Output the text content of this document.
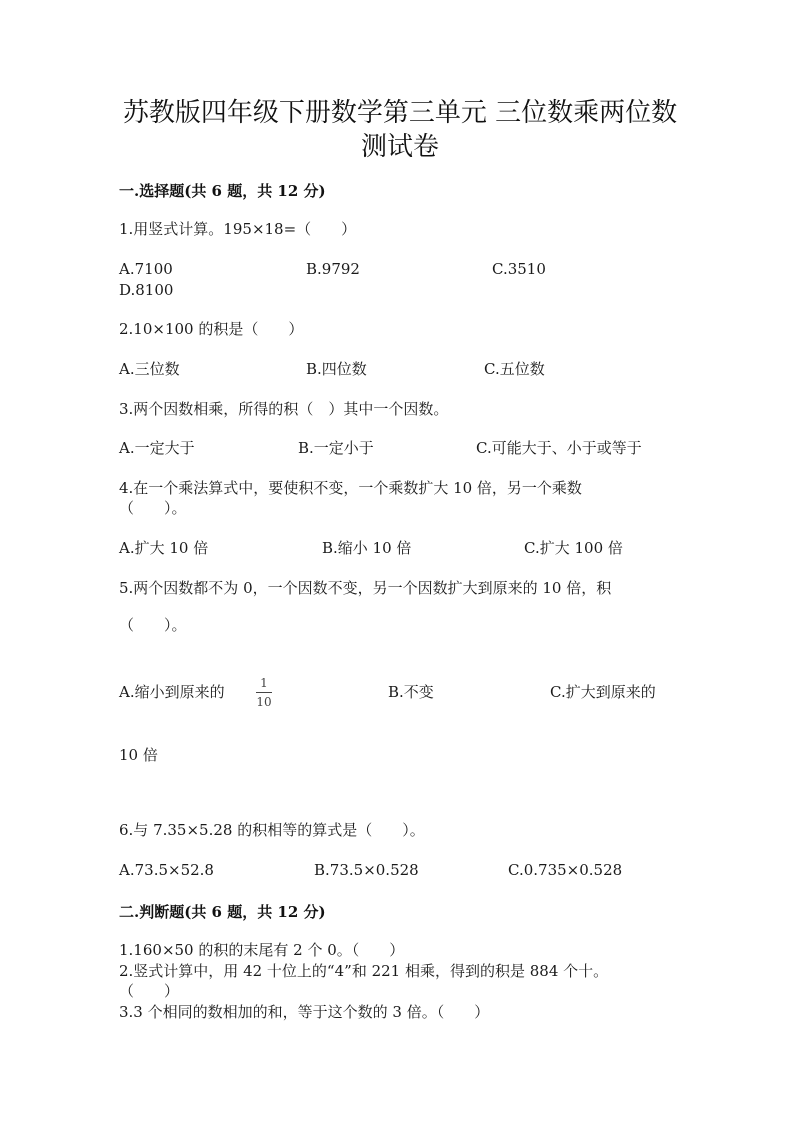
苏教版四年级下册数学第三单元 三位数乘两位数
测试卷
一.选择题(共 6 题，共 12 分)
1.用竖式计算。195×18=（　　）
A.7100	B.9792	C.3510
D.8100
2.10×100 的积是（　　）
A.三位数	B.四位数	C.五位数
3.两个因数相乘，所得的积（　）其中一个因数。
A.一定大于	B.一定小于	C.可能大于、小于或等于
4.在一个乘法算式中，要使积不变，一个乘数扩大 10 倍，另一个乘数
（　　）。
A.扩大 10 倍	B.缩小 10 倍	C.扩大 100 倍
5.两个因数都不为 0，一个因数不变，另一个因数扩大到原来的 10 倍，积
（　　）。
A.缩小到原来的	1
10
B.不变	C.扩大到原来的
10 倍
6.与 7.35×5.28 的积相等的算式是（　　）。
A.73.5×52.8	B.73.5×0.528	C.0.735×0.528
二.判断题(共 6 题，共 12 分)
1.160×50 的积的末尾有 2 个 0。（　　）
2.竖式计算中，用 42 十位上的“4”和 221 相乘，得到的积是 884 个十。
（　　）
3.3 个相同的数相加的和，等于这个数的 3 倍。（　　）
